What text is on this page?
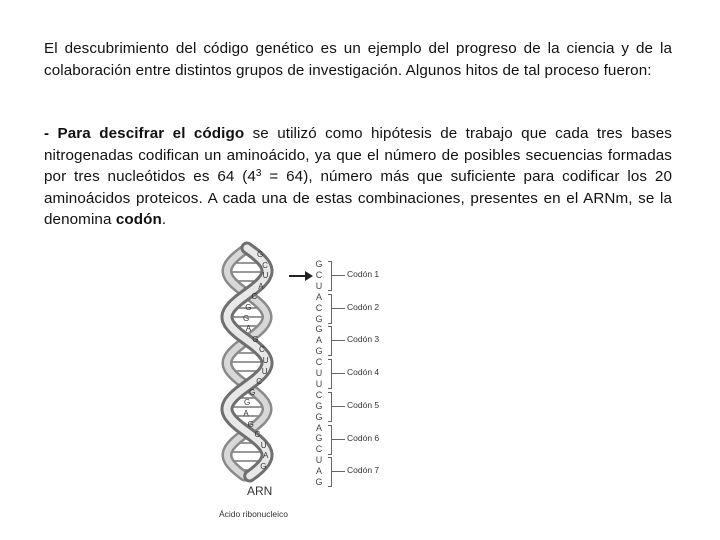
El descubrimiento del código genético es un ejemplo del progreso de la ciencia y de la colaboración entre distintos grupos de investigación. Algunos hitos de tal proceso fueron:
- Para descifrar el código se utilizó como hipótesis de trabajo que cada tres bases nitrogenadas codifican un aminoácido, ya que el número de posibles secuencias formadas por tres nucleótidos es 64 $(4^3 = 64)$, número más que suficiente para codificar los 20 aminoácidos proteicos. A cada una de estas combinaciones, presentes en el ARNm, se la denomina codón.
G
C
U
A
C
G
G
A
G
C
U
U
C
G
G
A
G
C
U
A
G
G
C
U
A
C
G
G
A
G
C
U
U
C
G
G
A
G
C
U
A
G
Codón 1
Codón 2
Codón 3
Codón 4
Codón 5
Codón 6
Codón 7
ARN
Ácido ribonucleico
